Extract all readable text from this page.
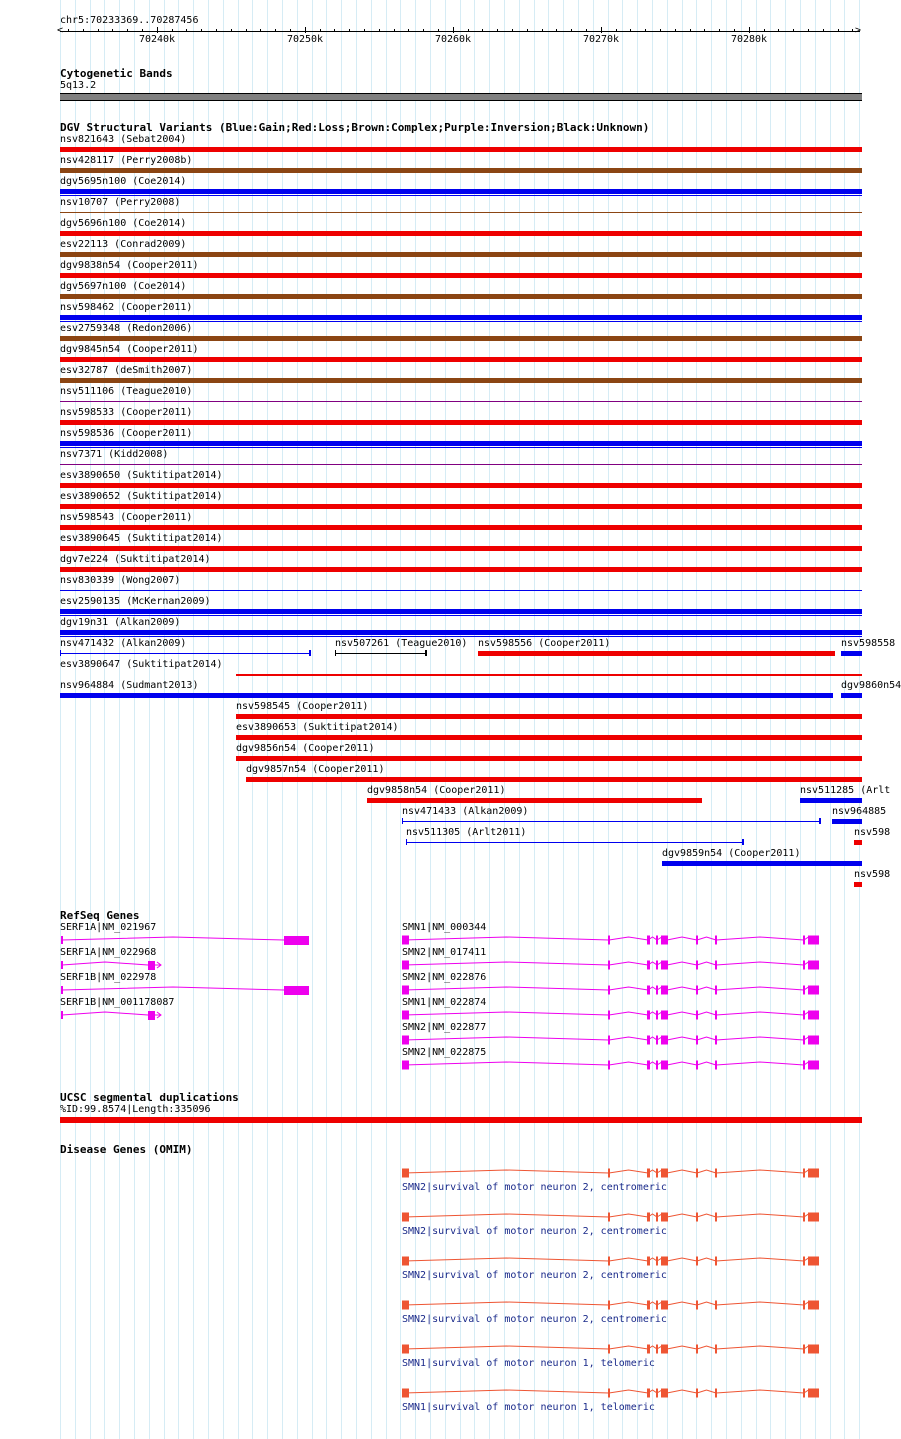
chr5:70233369..70287456
<	>
70240k	70250k	70260k	70270k	70280k
Cytogenetic Bands
5q13.2
DGV Structural Variants (Blue:Gain;Red:Loss;Brown:Complex;Purple:Inversion;Black:Unknown)
nsv821643 (Sebat2004)
nsv428117 (Perry2008b)
dgv5695n100 (Coe2014)
nsv10707 (Perry2008)
dgv5696n100 (Coe2014)
esv22113 (Conrad2009)
dgv9838n54 (Cooper2011)
dgv5697n100 (Coe2014)
nsv598462 (Cooper2011)
esv2759348 (Redon2006)
dgv9845n54 (Cooper2011)
esv32787 (deSmith2007)
nsv511106 (Teague2010)
nsv598533 (Cooper2011)
nsv598536 (Cooper2011)
nsv7371 (Kidd2008)
esv3890650 (Suktitipat2014)
esv3890652 (Suktitipat2014)
nsv598543 (Cooper2011)
esv3890645 (Suktitipat2014)
dgv7e224 (Suktitipat2014)
nsv830339 (Wong2007)
esv2590135 (McKernan2009)
dgv19n31 (Alkan2009)
nsv471432 (Alkan2009)	nsv507261 (Teague2010) nsv598556 (Cooper2011)	nsv598558
esv3890647 (Suktitipat2014)
nsv964884 (Sudmant2013)	dgv9860n54
nsv598545 (Cooper2011)
esv3890653 (Suktitipat2014)
dgv9856n54 (Cooper2011)
dgv9857n54 (Cooper2011)
dgv9858n54 (Cooper2011)	nsv511285 (Arlt
nsv471433 (Alkan2009)	nsv964885
nsv511305 (Arlt2011)	nsv598
dgv9859n54 (Cooper2011)
nsv598
RefSeq Genes
SERF1A|NM_021967
SERF1A|NM_022968
SERF1B|NM_022978
SERF1B|NM_001178087
SMN1|NM_000344
SMN2|NM_017411
SMN2|NM_022876
SMN1|NM_022874
SMN2|NM_022877
SMN2|NM_022875
UCSC segmental duplications
%ID:99.8574|Length:335096
Disease Genes (OMIM)
SMN2|survival of motor neuron 2, centromeric
SMN2|survival of motor neuron 2, centromeric
SMN2|survival of motor neuron 2, centromeric
SMN2|survival of motor neuron 2, centromeric
SMN1|survival of motor neuron 1, telomeric
SMN1|survival of motor neuron 1, telomeric
